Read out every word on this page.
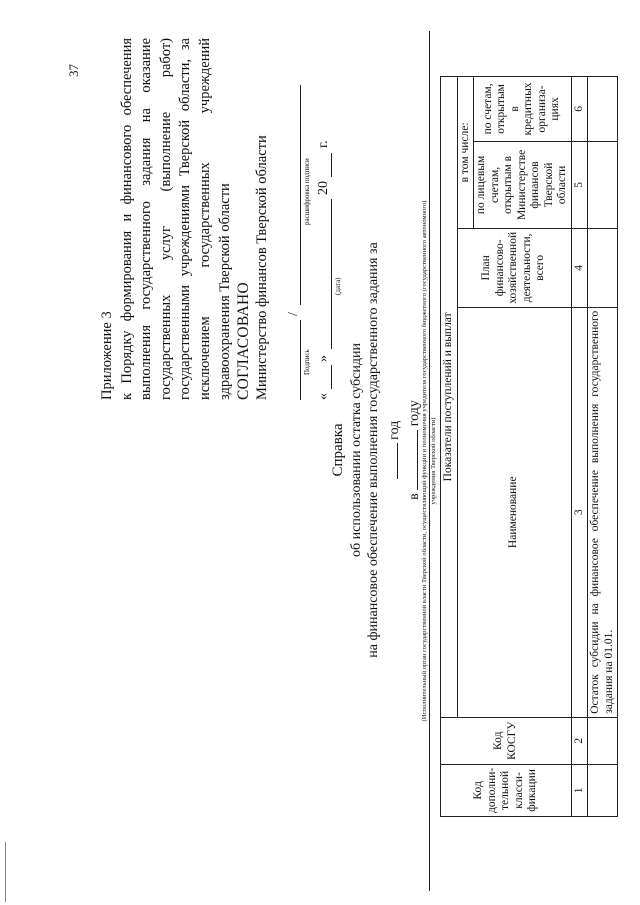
37
Приложение 3 к Порядку формирования и финансового обеспечения выполнения государственного задания на оказание государственных услуг (выполнение работ) государственными учреждениями Тверской области, за исключением государственных учреждений здравоохранения Тверской области СОГЛАСОВАНО Министерство финансов Тверской области /
Подпись
расшифровка подписи
«
»
20
г.
(дата)
Справка об использовании остатка субсидии на финансовое обеспечение выполнения государственного задания за год
в  году (Исполнительный орган государственной власти Тверской области, осуществляющий функции и полномочия учредителя государственного бюджетного (государственного автономного) учреждения Тверской области)
Код дополни-тельной класси-фикации	Код КОСГУ	Показатели поступлений и выплат			
		Наименование	План финансово-хозяйственной деятельности, всего	в том числе:	
				по лицевым счетам, открытым в Министерстве финансов Тверской области	по счетам, открытым в кредитных организа-циях
1	2	3	4	5	6
		Остаток субсидии на финансовое обеспечение выполнения государственного задания на 01.01.			
